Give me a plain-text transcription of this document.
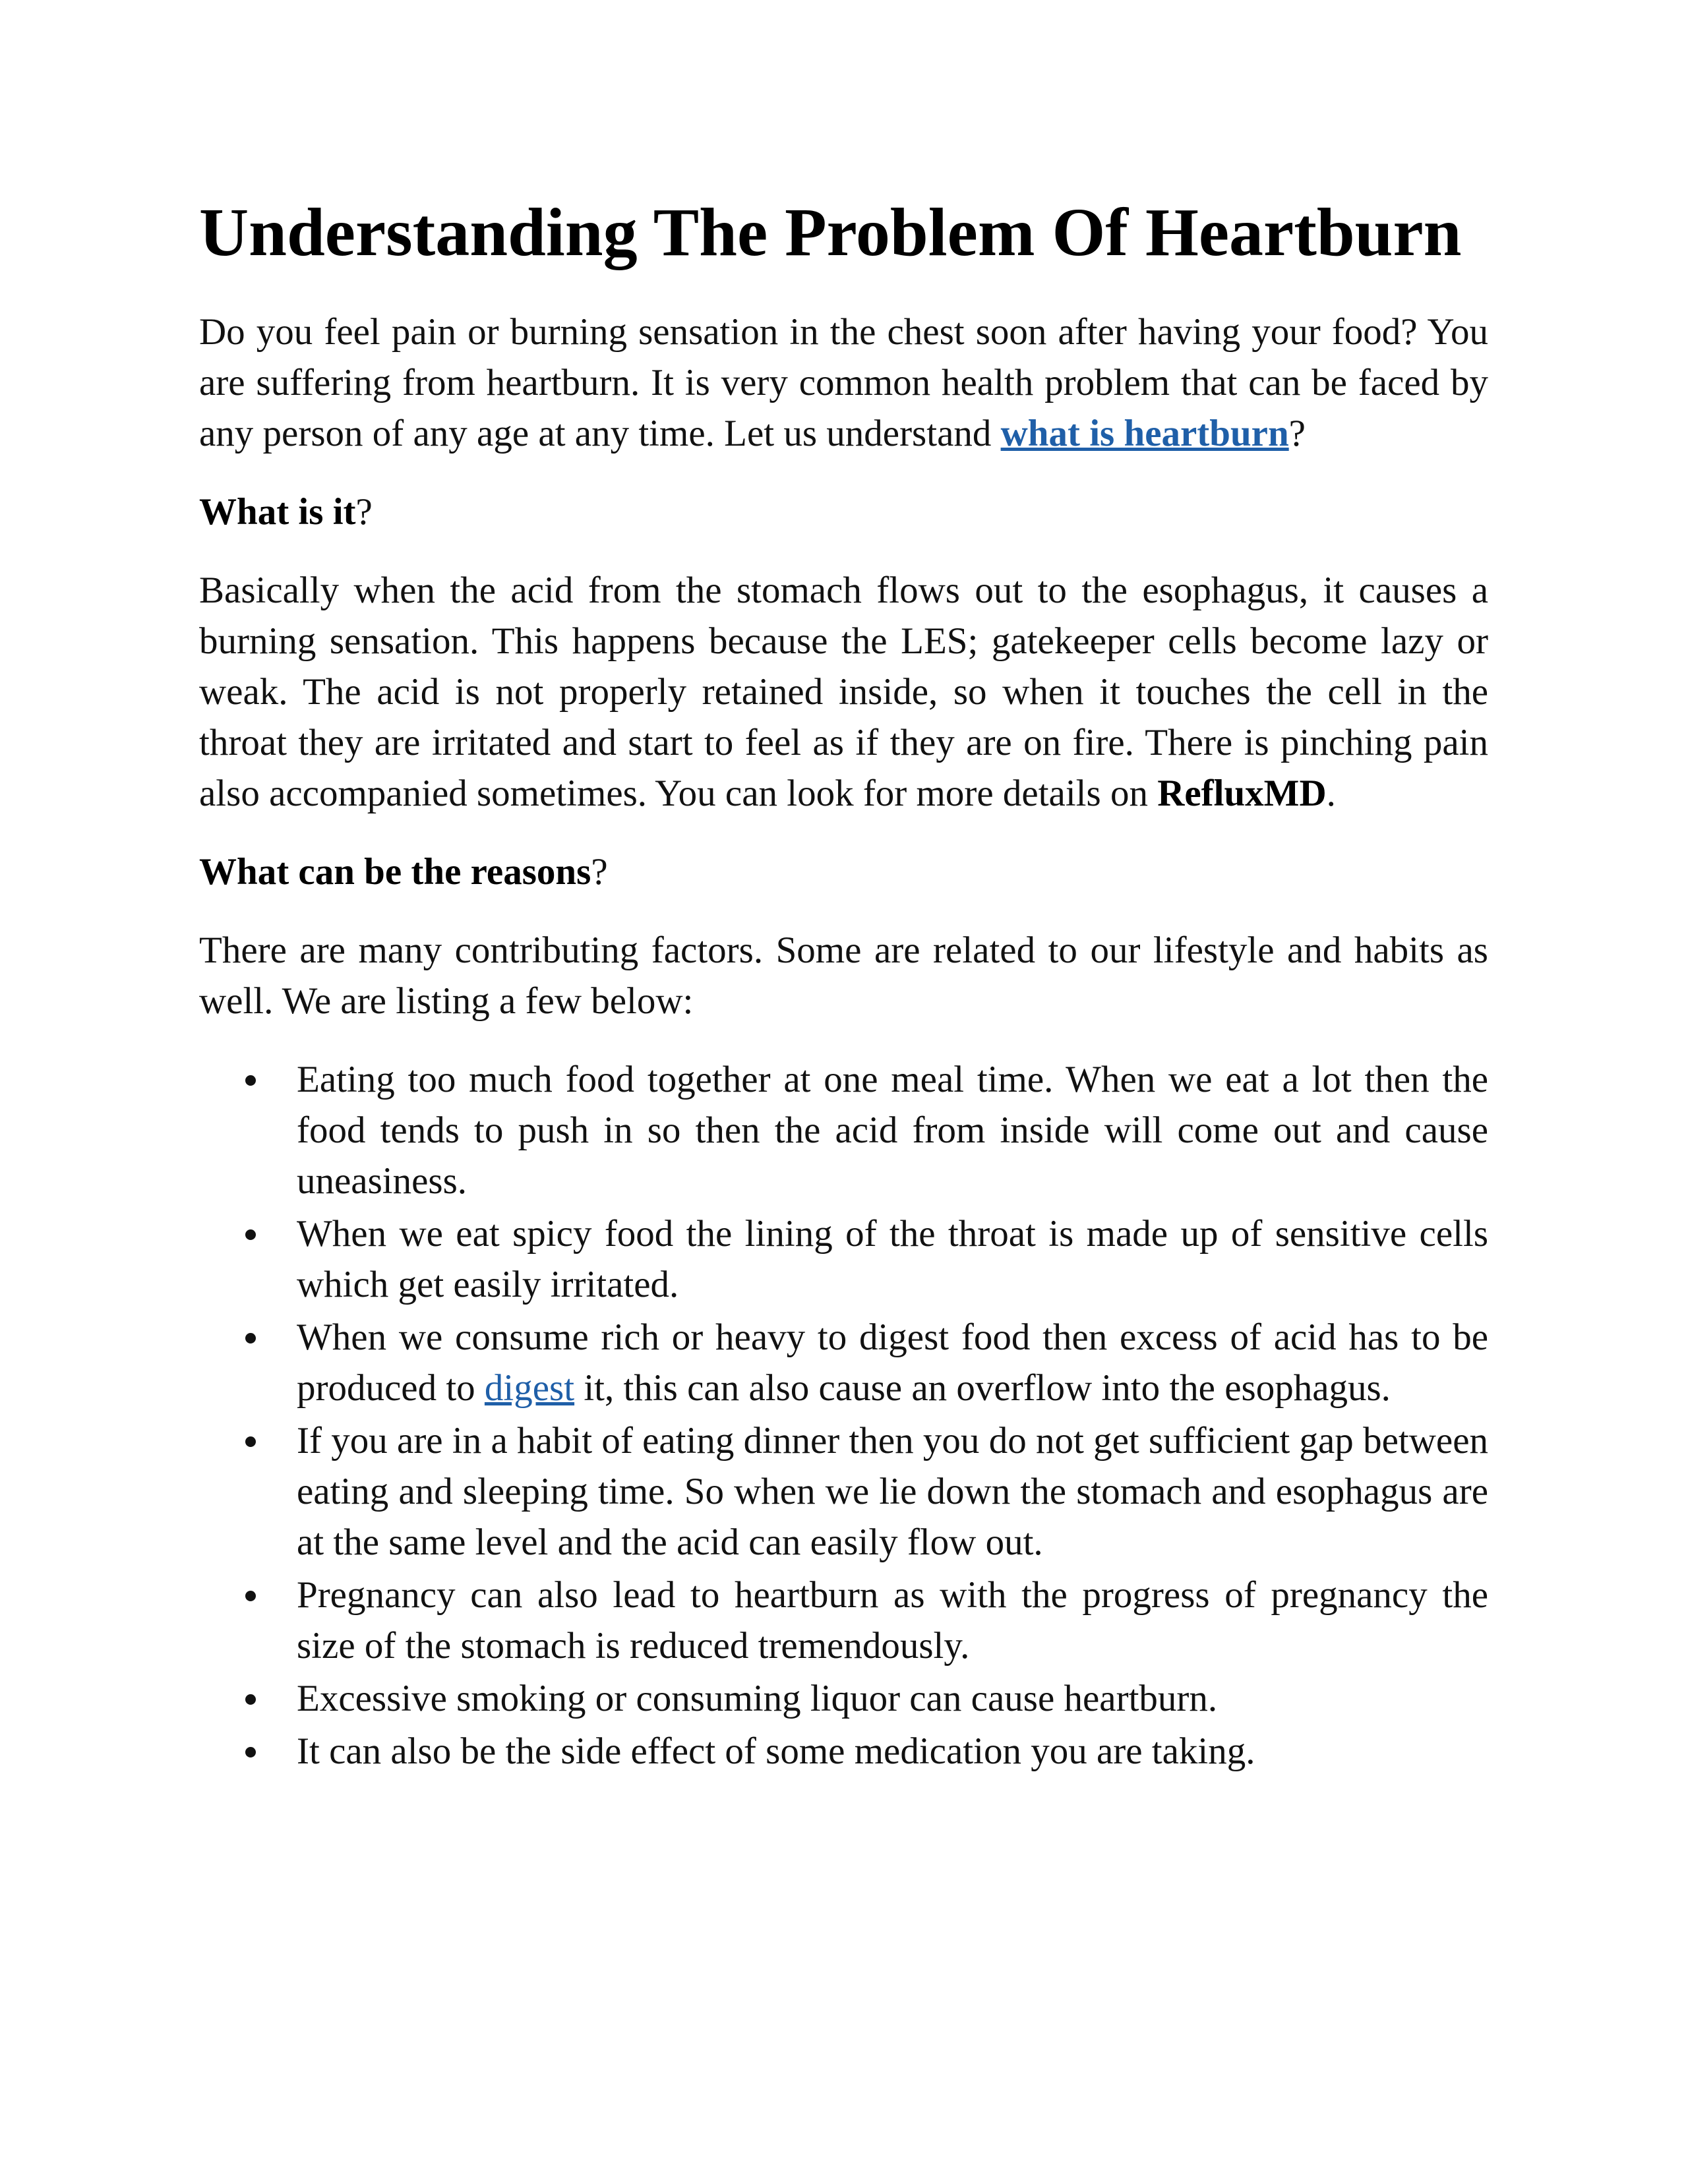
Understanding The Problem Of Heartburn

Do you feel pain or burning sensation in the chest soon after having your food? You are suffering from heartburn. It is very common health problem that can be faced by any person of any age at any time. Let us understand what is heartburn?

What is it?

Basically when the acid from the stomach flows out to the esophagus, it causes a burning sensation. This happens because the LES; gatekeeper cells become lazy or weak. The acid is not properly retained inside, so when it touches the cell in the throat they are irritated and start to feel as if they are on fire. There is pinching pain also accompanied sometimes. You can look for more details on RefluxMD.

What can be the reasons?

There are many contributing factors. Some are related to our lifestyle and habits as well. We are listing a few below:

Eating too much food together at one meal time. When we eat a lot then the food tends to push in so then the acid from inside will come out and cause uneasiness.
When we eat spicy food the lining of the throat is made up of sensitive cells which get easily irritated.
When we consume rich or heavy to digest food then excess of acid has to be produced to digest it, this can also cause an overflow into the esophagus.
If you are in a habit of eating dinner then you do not get sufficient gap between eating and sleeping time. So when we lie down the stomach and esophagus are at the same level and the acid can easily flow out.
Pregnancy can also lead to heartburn as with the progress of pregnancy the size of the stomach is reduced tremendously.
Excessive smoking or consuming liquor can cause heartburn.
It can also be the side effect of some medication you are taking.
